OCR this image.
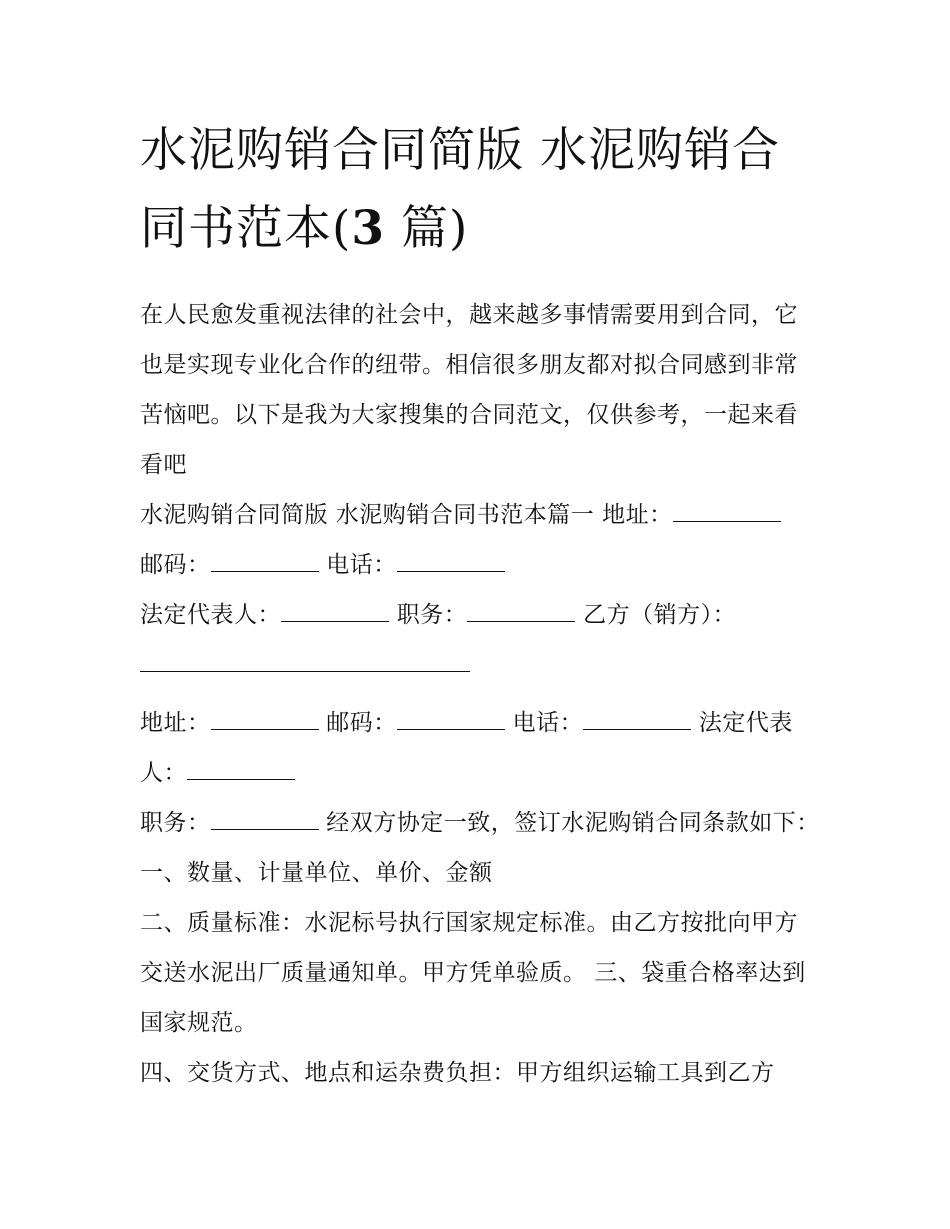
水泥购销合同简版 水泥购销合同书范本(3 篇)

在人民愈发重视法律的社会中，越来越多事情需要用到合同，它也是实现专业化合作的纽带。相信很多朋友都对拟合同感到非常苦恼吧。以下是我为大家搜集的合同范文，仅供参考，一起来看看吧

水泥购销合同简版 水泥购销合同书范本篇一 地址：
邮码：	电话：

法定代表人：	职务：	乙方（销方）：

地址：	邮码：	电话：	法定代表人：

职务：	经双方协定一致，签订水泥购销合同条款如下： 一、数量、计量单位、单价、金额

二、质量标准：水泥标号执行国家规定标准。由乙方按批向甲方交送水泥出厂质量通知单。甲方凭单验质。 三、袋重合格率达到国家规范。

四、交货方式、地点和运杂费负担：甲方组织运输工具到乙方
